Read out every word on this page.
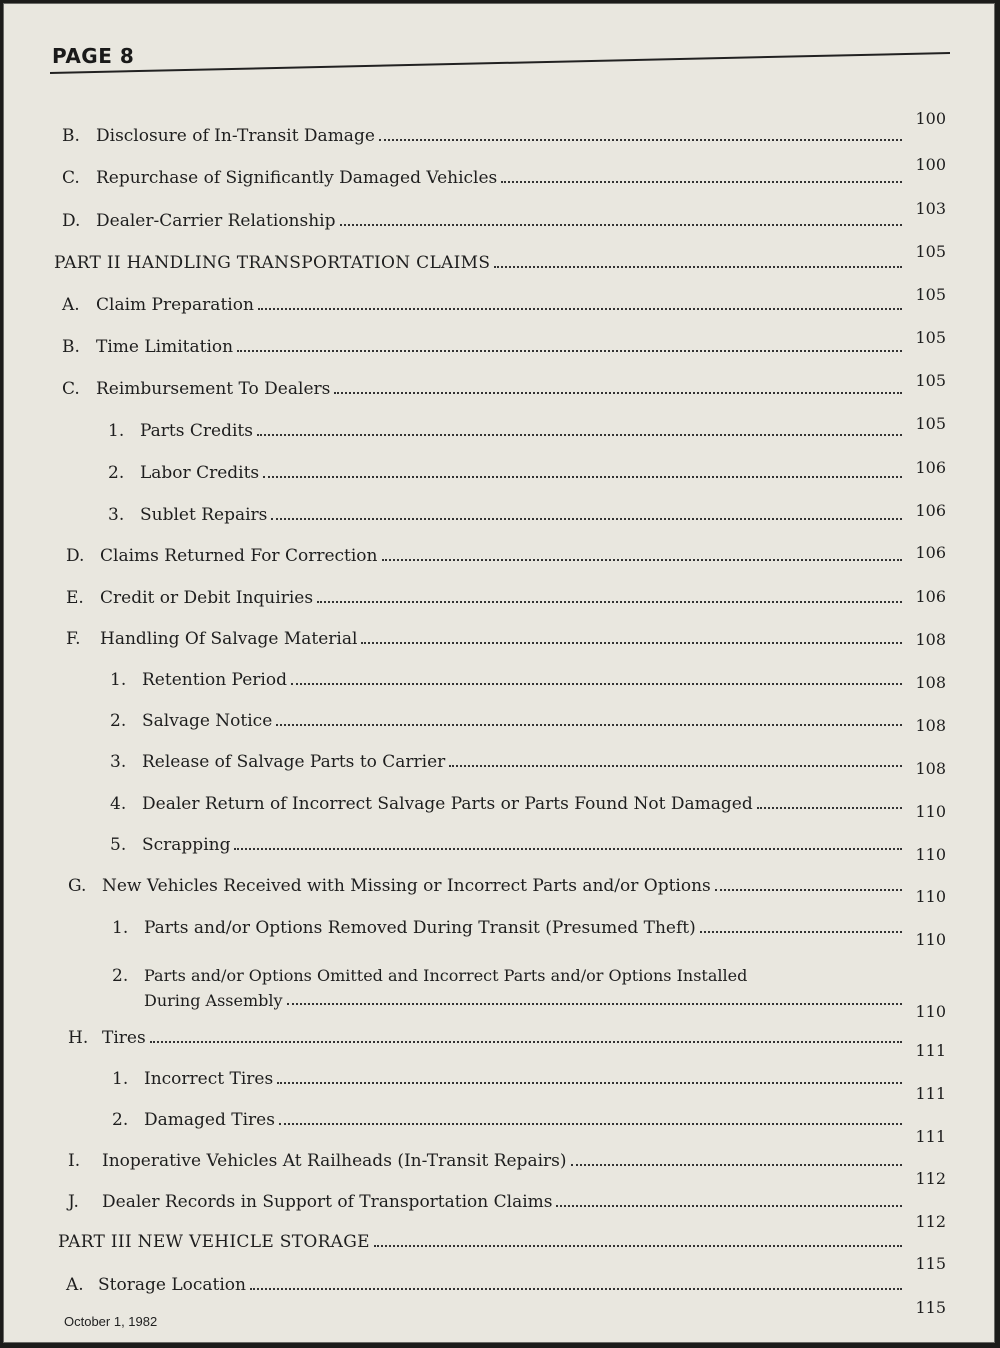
PAGE 8
B. Disclosure of In-Transit Damage
100
C. Repurchase of Significantly Damaged Vehicles
100
D. Dealer-Carrier Relationship
103
PART II HANDLING TRANSPORTATION CLAIMS
105
A. Claim Preparation
105
B. Time Limitation	105
C. Reimbursement To Dealers	105
1. Parts Credits	105
2. Labor Credits	106
3. Sublet Repairs	106
D. Claims Returned For Correction	106
E. Credit or Debit Inquiries	106
F.	Handling Of Salvage Material	108
1. Retention Period	108
2. Salvage Notice	108
3. Release of Salvage Parts to Carrier	108
4. Dealer Return of Incorrect Salvage Parts or Parts Found Not Damaged	110
5. Scrapping	110
G. New Vehicles Received with Missing or Incorrect Parts and/or Options
110
1. Parts and/or Options Removed During Transit (Presumed Theft)
110
2. Parts and/or Options Omitted and Incorrect Parts and/or Options Installed
During Assembly
110
H. Tires
111
1. Incorrect Tires
111
2. Damaged Tires
111
I.	Inoperative Vehicles At Railheads (In-Transit Repairs)
112
J.	Dealer Records in Support of Transportation Claims
112
PART III NEW VEHICLE STORAGE
115
A. Storage Location
115
October 1, 1982
